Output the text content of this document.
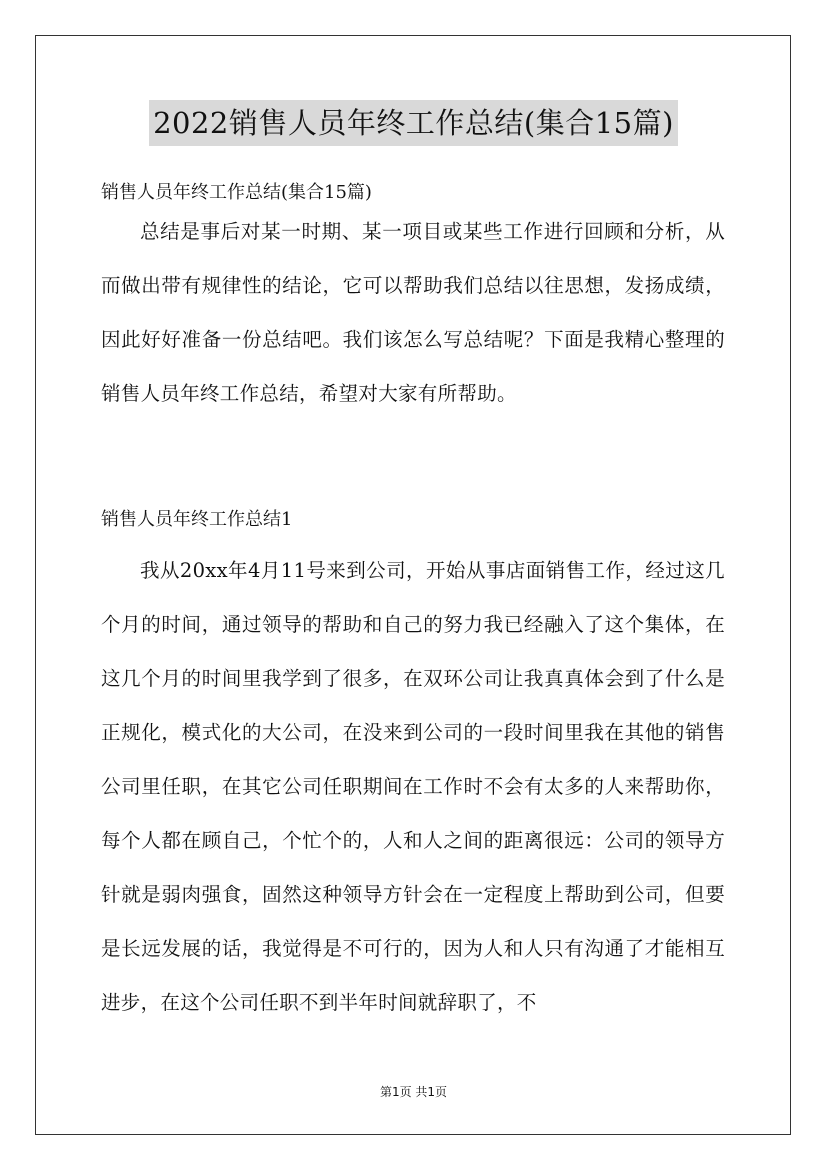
2022销售人员年终工作总结(集合15篇)

销售人员年终工作总结(集合15篇)

总结是事后对某一时期、某一项目或某些工作进行回顾和分析，从而做出带有规律性的结论，它可以帮助我们总结以往思想，发扬成绩，因此好好准备一份总结吧。我们该怎么写总结呢？下面是我精心整理的销售人员年终工作总结，希望对大家有所帮助。

销售人员年终工作总结1

我从20xx年4月11号来到公司，开始从事店面销售工作，经过这几个月的时间，通过领导的帮助和自己的努力我已经融入了这个集体，在这几个月的时间里我学到了很多，在双环公司让我真真体会到了什么是正规化，模式化的大公司，在没来到公司的一段时间里我在其他的销售公司里任职，在其它公司任职期间在工作时不会有太多的人来帮助你，每个人都在顾自己，个忙个的，人和人之间的距离很远：公司的领导方针就是弱肉强食，固然这种领导方针会在一定程度上帮助到公司，但要是长远发展的话，我觉得是不可行的，因为人和人只有沟通了才能相互进步，在这个公司任职不到半年时间就辞职了，不

第1页 共1页
